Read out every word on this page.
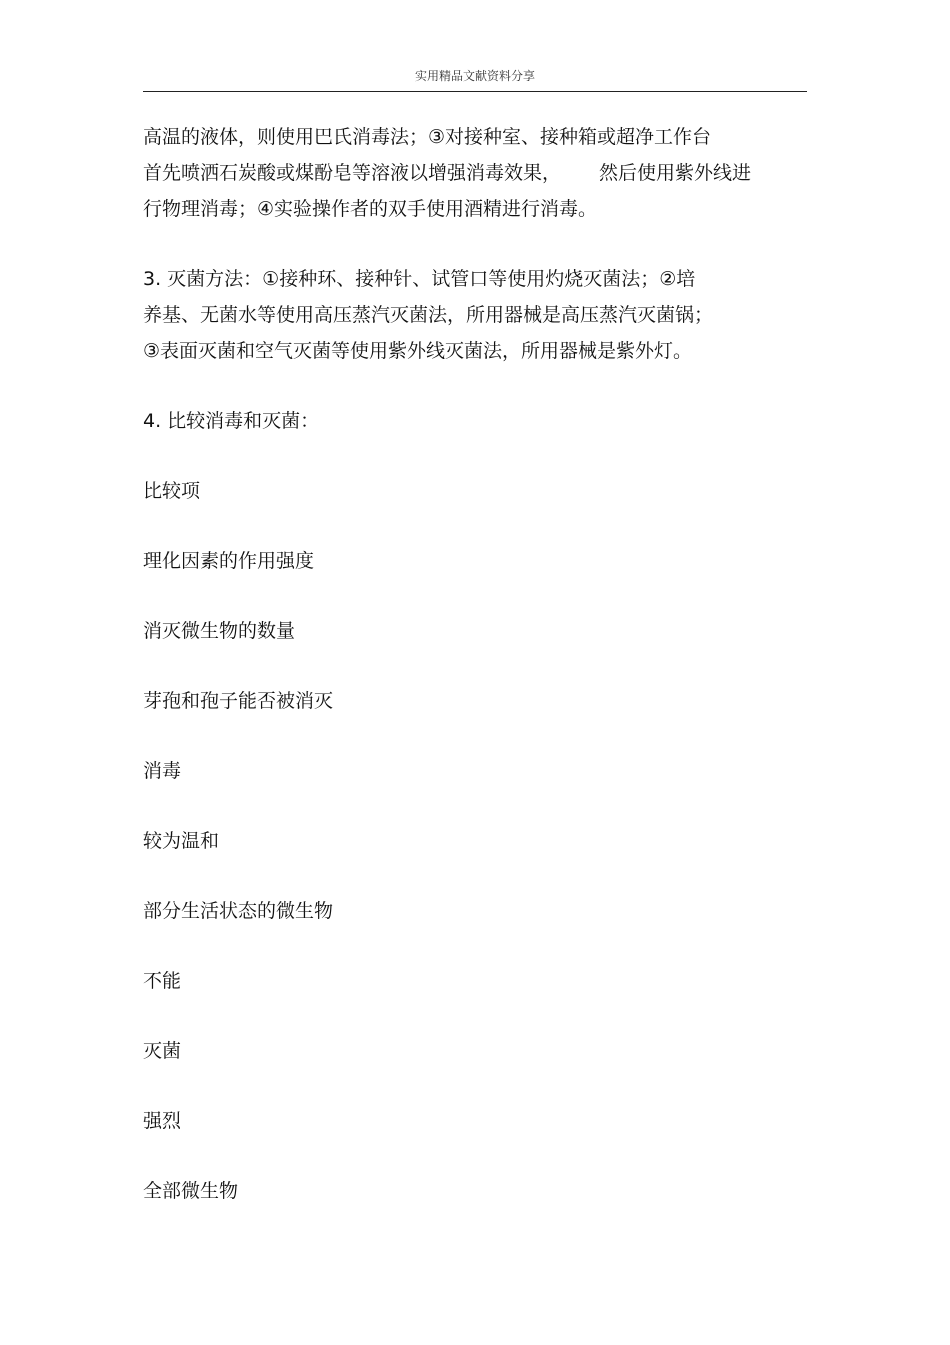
实用精品文献资料分享

高温的液体，则使用巴氏消毒法；③对接种室、接种箱或超净工作台
首先喷洒石炭酸或煤酚皂等溶液以增强消毒效果， 然后使用紫外线进
行物理消毒；④实验操作者的双手使用酒精进行消毒。

3. 灭菌方法：①接种环、接种针、试管口等使用灼烧灭菌法；②培
养基、无菌水等使用高压蒸汽灭菌法，所用器械是高压蒸汽灭菌锅；
③表面灭菌和空气灭菌等使用紫外线灭菌法，所用器械是紫外灯。

4. 比较消毒和灭菌：

比较项
理化因素的作用强度
消灭微生物的数量
芽孢和孢子能否被消灭
消毒
较为温和
部分生活状态的微生物
不能
灭菌
强烈
全部微生物
